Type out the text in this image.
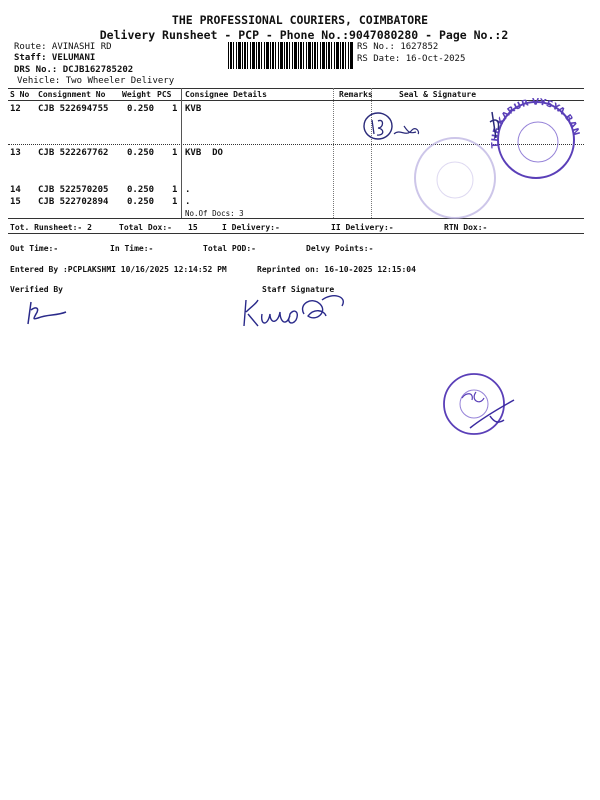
THE PROFESSIONAL COURIERS, COIMBATORE
Delivery Runsheet - PCP - Phone No.:9047080280 - Page No.:2
Route: AVINASHI RD
Staff: VELUMANI
DRS No.: DCJB162785202
Vehicle: Two Wheeler Delivery
RS No.: 1627852
RS Date: 16-Oct-2025
S No Consignment No Weight PCS Consignee Details	Remarks	Seal & Signature
12 CJB 522694755 0.250 1 KVB
13 CJB 522267762 0.250 1 KVB  DO
14 CJB 522570205 0.250 1 .
15 CJB 522702894 0.250 1 .
No.Of Docs: 3
Tot. Runsheet:- 2	Total Dox:- 15	I Delivery:-	II Delivery:-	RTN Dox:-
Out Time:-	In Time:-	Total POD:-	Delvy Points:-
Entered By :PCPLAKSHMI 10/16/2025 12:14:52 PM	Reprinted on: 16-10-2025 12:15:04
Verified By	Staff Signature
THE KARUR VYSYA BANK
